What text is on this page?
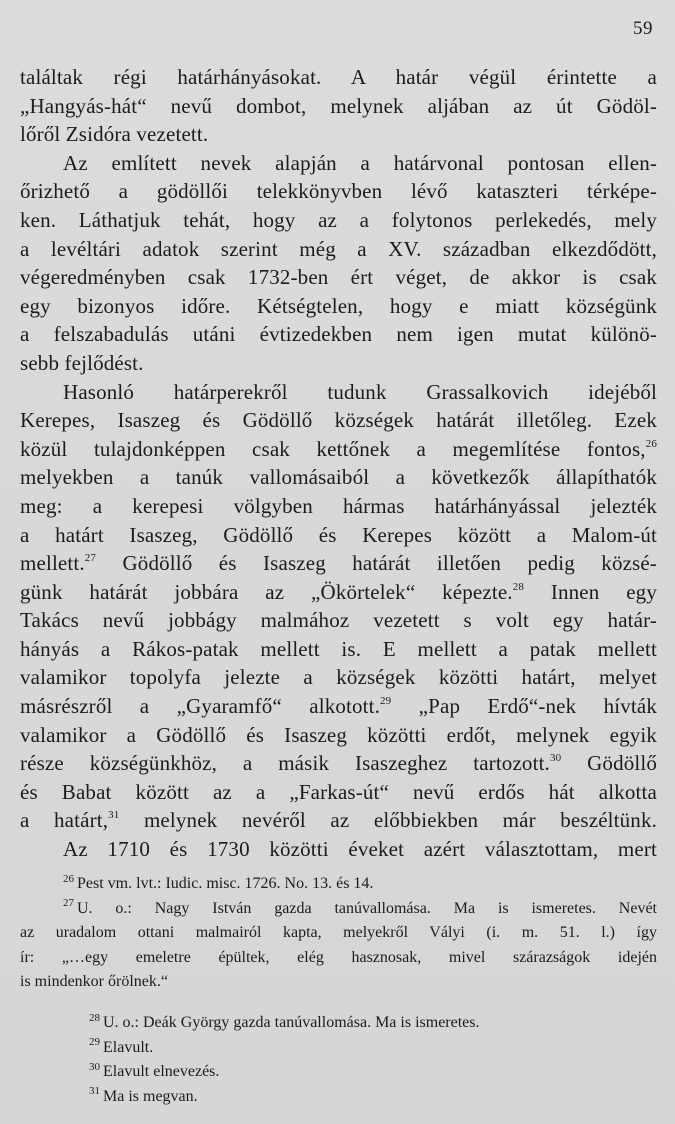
59
találtak régi határhányásokat. A határ végül érintette a
„Hangyás-hát“ nevű dombot, melynek aljában az út Gödöl-
lőről Zsidóra vezetett.
Az említett nevek alapján a határvonal pontosan ellen-
őrizhető a gödöllői telekkönyvben lévő kataszteri térképe-
ken. Láthatjuk tehát, hogy az a folytonos perlekedés, mely
a levéltári adatok szerint még a XV. században elkezdődött,
végeredményben csak 1732-ben ért véget, de akkor is csak
egy bizonyos időre. Kétségtelen, hogy e miatt községünk
a felszabadulás utáni évtizedekben nem igen mutat különö-
sebb fejlődést.
Hasonló határperekről tudunk Grassalkovich idejéből
Kerepes, Isaszeg és Gödöllő községek határát illetőleg. Ezek
közül tulajdonképpen csak kettőnek a megemlítése fontos,$^{26}$
melyekben a tanúk vallomásaiból a következők állapíthatók
meg: a kerepesi völgyben hármas határhányással jelezték
a határt Isaszeg, Gödöllő és Kerepes között a Malom-út
mellett.$^{27}$ Gödöllő és Isaszeg határát illetően pedig közsé-
günk határát jobbára az „Ökörtelek“ képezte.$^{28}$ Innen egy
Takács nevű jobbágy malmához vezetett s volt egy határ-
hányás a Rákos-patak mellett is. E mellett a patak mellett
valamikor topolyfa jelezte a községek közötti határt, melyet
másrészről a „Gyaramfő“ alkotott.$^{29}$ „Pap Erdő“-nek hívták
valamikor a Gödöllő és Isaszeg közötti erdőt, melynek egyik
része községünkhöz, a másik Isaszeghez tartozott.$^{30}$ Gödöllő
és Babat között az a „Farkas-út“ nevű erdős hát alkotta
a határt,$^{31}$ melynek nevéről az előbbiekben már beszéltünk.
Az 1710 és 1730 közötti éveket azért választottam, mert
$^{26}$ Pest vm. lvt.: Iudic. misc. 1726. No. 13. és 14.
$^{27}$ U. o.: Nagy István gazda tanúvallomása. Ma is ismeretes. Nevét
az uradalom ottani malmairól kapta, melyekről Vályi (i. m. 51. l.) így
ír: „…egy emeletre épültek, elég hasznosak, mivel szárazságok idején
is mindenkor őrölnek.“
$^{28}$ U. o.: Deák György gazda tanúvallomása. Ma is ismeretes.
$^{29}$ Elavult.
$^{30}$ Elavult elnevezés.
$^{31}$ Ma is megvan.
